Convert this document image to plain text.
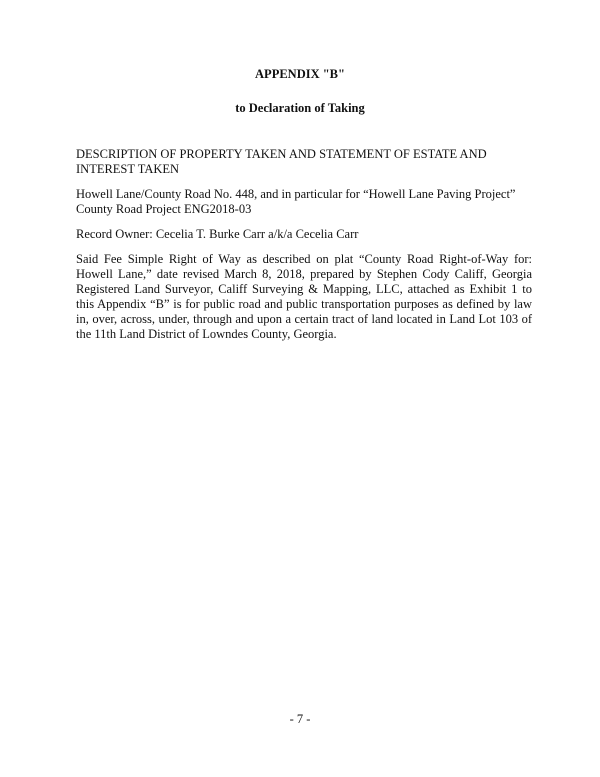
APPENDIX "B"

to Declaration of Taking

DESCRIPTION OF PROPERTY TAKEN AND STATEMENT OF ESTATE AND INTEREST TAKEN

Howell Lane/County Road No. 448, and in particular for “Howell Lane Paving Project” County Road Project ENG2018-03

Record Owner: Cecelia T. Burke Carr a/k/a Cecelia Carr

Said Fee Simple Right of Way as described on plat “County Road Right-of-Way for: Howell Lane,” date revised March 8, 2018, prepared by Stephen Cody Califf, Georgia Registered Land Surveyor, Califf Surveying & Mapping, LLC, attached as Exhibit 1 to this Appendix “B” is for public road and public transportation purposes as defined by law in, over, across, under, through and upon a certain tract of land located in Land Lot 103 of the 11th Land District of Lowndes County, Georgia.

- 7 -
